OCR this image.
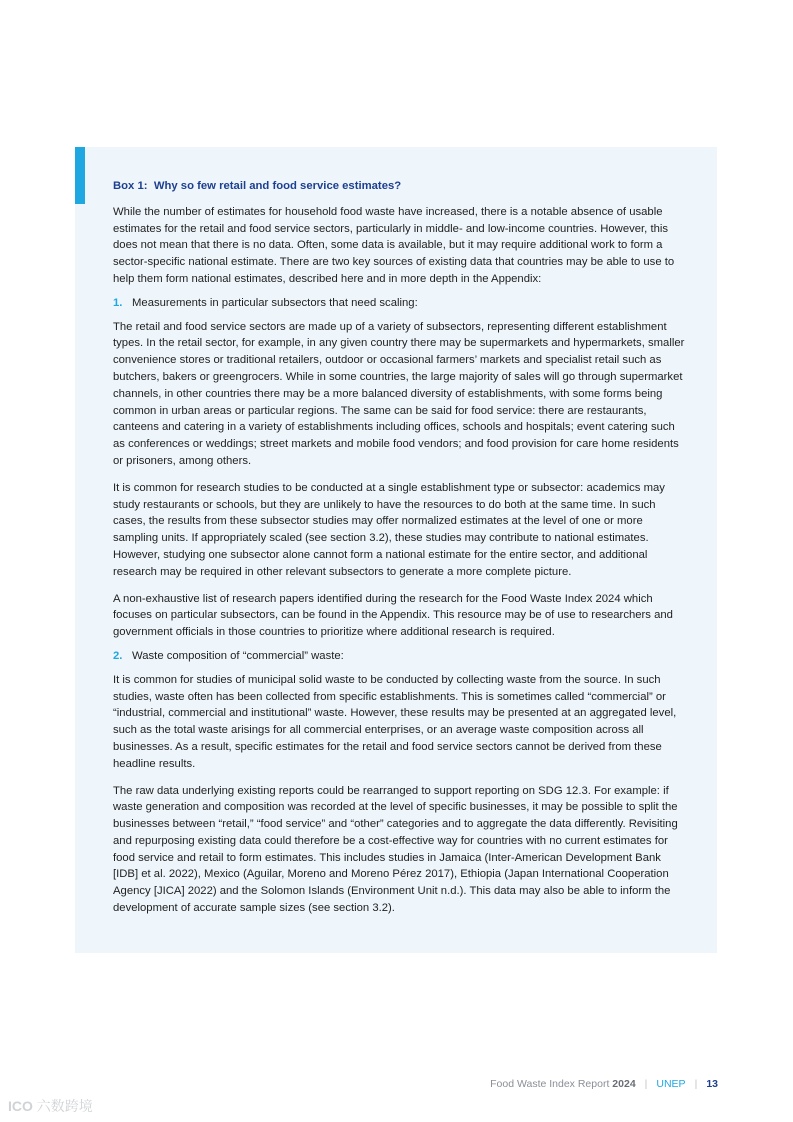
Box 1: Why so few retail and food service estimates?

While the number of estimates for household food waste have increased, there is a notable absence of usable estimates for the retail and food service sectors, particularly in middle- and low-income countries. However, this does not mean that there is no data. Often, some data is available, but it may require additional work to form a sector-specific national estimate. There are two key sources of existing data that countries may be able to use to help them form national estimates, described here and in more depth in the Appendix:

1. Measurements in particular subsectors that need scaling:

The retail and food service sectors are made up of a variety of subsectors, representing different establishment types. In the retail sector, for example, in any given country there may be supermarkets and hypermarkets, smaller convenience stores or traditional retailers, outdoor or occasional farmers’ markets and specialist retail such as butchers, bakers or greengrocers. While in some countries, the large majority of sales will go through supermarket channels, in other countries there may be a more balanced diversity of establishments, with some forms being common in urban areas or particular regions. The same can be said for food service: there are restaurants, canteens and catering in a variety of establishments including offices, schools and hospitals; event catering such as conferences or weddings; street markets and mobile food vendors; and food provision for care home residents or prisoners, among others.

It is common for research studies to be conducted at a single establishment type or subsector: academics may study restaurants or schools, but they are unlikely to have the resources to do both at the same time. In such cases, the results from these subsector studies may offer normalized estimates at the level of one or more sampling units. If appropriately scaled (see section 3.2), these studies may contribute to national estimates. However, studying one subsector alone cannot form a national estimate for the entire sector, and additional research may be required in other relevant subsectors to generate a more complete picture.

A non-exhaustive list of research papers identified during the research for the Food Waste Index 2024 which focuses on particular subsectors, can be found in the Appendix. This resource may be of use to researchers and government officials in those countries to prioritize where additional research is required.

2. Waste composition of “commercial” waste:

It is common for studies of municipal solid waste to be conducted by collecting waste from the source. In such studies, waste often has been collected from specific establishments. This is sometimes called “commercial” or “industrial, commercial and institutional” waste. However, these results may be presented at an aggregated level, such as the total waste arisings for all commercial enterprises, or an average waste composition across all businesses. As a result, specific estimates for the retail and food service sectors cannot be derived from these headline results.

The raw data underlying existing reports could be rearranged to support reporting on SDG 12.3. For example: if waste generation and composition was recorded at the level of specific businesses, it may be possible to split the businesses between “retail,” “food service” and “other” categories and to aggregate the data differently. Revisiting and repurposing existing data could therefore be a cost-effective way for countries with no current estimates for food service and retail to form estimates. This includes studies in Jamaica (Inter-American Development Bank [IDB] et al. 2022), Mexico (Aguilar, Moreno and Moreno Pérez 2017), Ethiopia (Japan International Cooperation Agency [JICA] 2022) and the Solomon Islands (Environment Unit n.d.). This data may also be able to inform the development of accurate sample sizes (see section 3.2).

Food Waste Index Report 2024 | UNEP | 13
ICO 六数跨境
